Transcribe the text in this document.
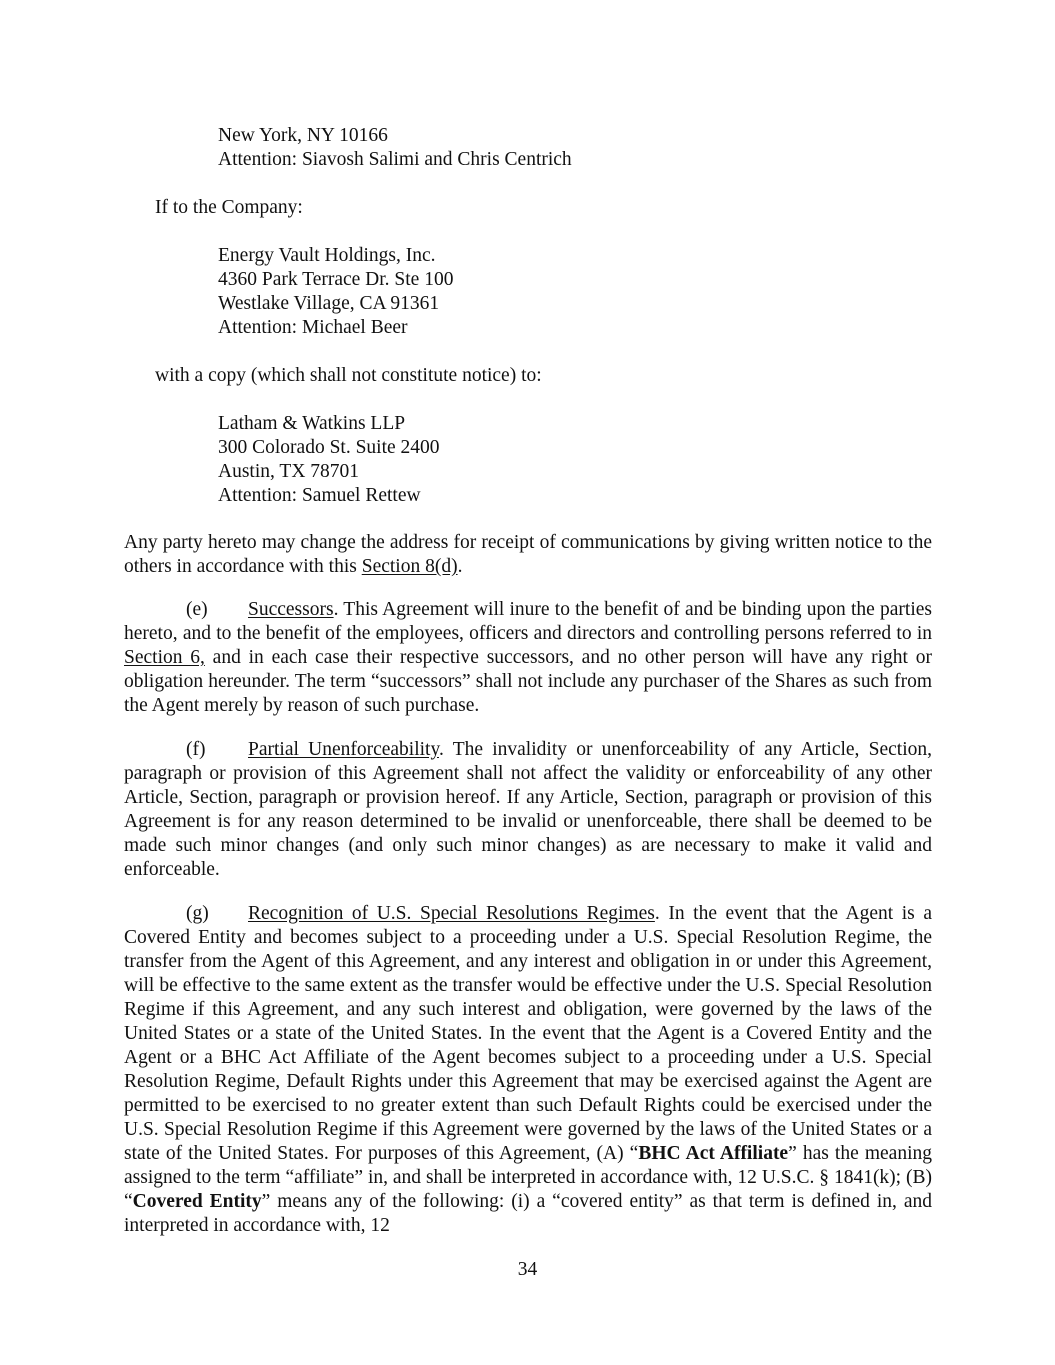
New York, NY 10166
Attention: Siavosh Salimi and Chris Centrich
If to the Company:
Energy Vault Holdings, Inc.
4360 Park Terrace Dr. Ste 100
Westlake Village, CA 91361
Attention: Michael Beer
with a copy (which shall not constitute notice) to:
Latham & Watkins LLP
300 Colorado St. Suite 2400
Austin, TX 78701
Attention: Samuel Rettew
Any party hereto may change the address for receipt of communications by giving written notice to the others in accordance with this Section 8(d).
(e) Successors. This Agreement will inure to the benefit of and be binding upon the parties hereto, and to the benefit of the employees, officers and directors and controlling persons referred to in Section 6, and in each case their respective successors, and no other person will have any right or obligation hereunder. The term “successors” shall not include any purchaser of the Shares as such from the Agent merely by reason of such purchase.
(f) Partial Unenforceability. The invalidity or unenforceability of any Article, Section, paragraph or provision of this Agreement shall not affect the validity or enforceability of any other Article, Section, paragraph or provision hereof. If any Article, Section, paragraph or provision of this Agreement is for any reason determined to be invalid or unenforceable, there shall be deemed to be made such minor changes (and only such minor changes) as are necessary to make it valid and enforceable.
(g) Recognition of U.S. Special Resolutions Regimes. In the event that the Agent is a Covered Entity and becomes subject to a proceeding under a U.S. Special Resolution Regime, the transfer from the Agent of this Agreement, and any interest and obligation in or under this Agreement, will be effective to the same extent as the transfer would be effective under the U.S. Special Resolution Regime if this Agreement, and any such interest and obligation, were governed by the laws of the United States or a state of the United States. In the event that the Agent is a Covered Entity and the Agent or a BHC Act Affiliate of the Agent becomes subject to a proceeding under a U.S. Special Resolution Regime, Default Rights under this Agreement that may be exercised against the Agent are permitted to be exercised to no greater extent than such Default Rights could be exercised under the U.S. Special Resolution Regime if this Agreement were governed by the laws of the United States or a state of the United States. For purposes of this Agreement, (A) “BHC Act Affiliate” has the meaning assigned to the term “affiliate” in, and shall be interpreted in accordance with, 12 U.S.C. § 1841(k); (B) “Covered Entity” means any of the following: (i) a “covered entity” as that term is defined in, and interpreted in accordance with, 12
34
